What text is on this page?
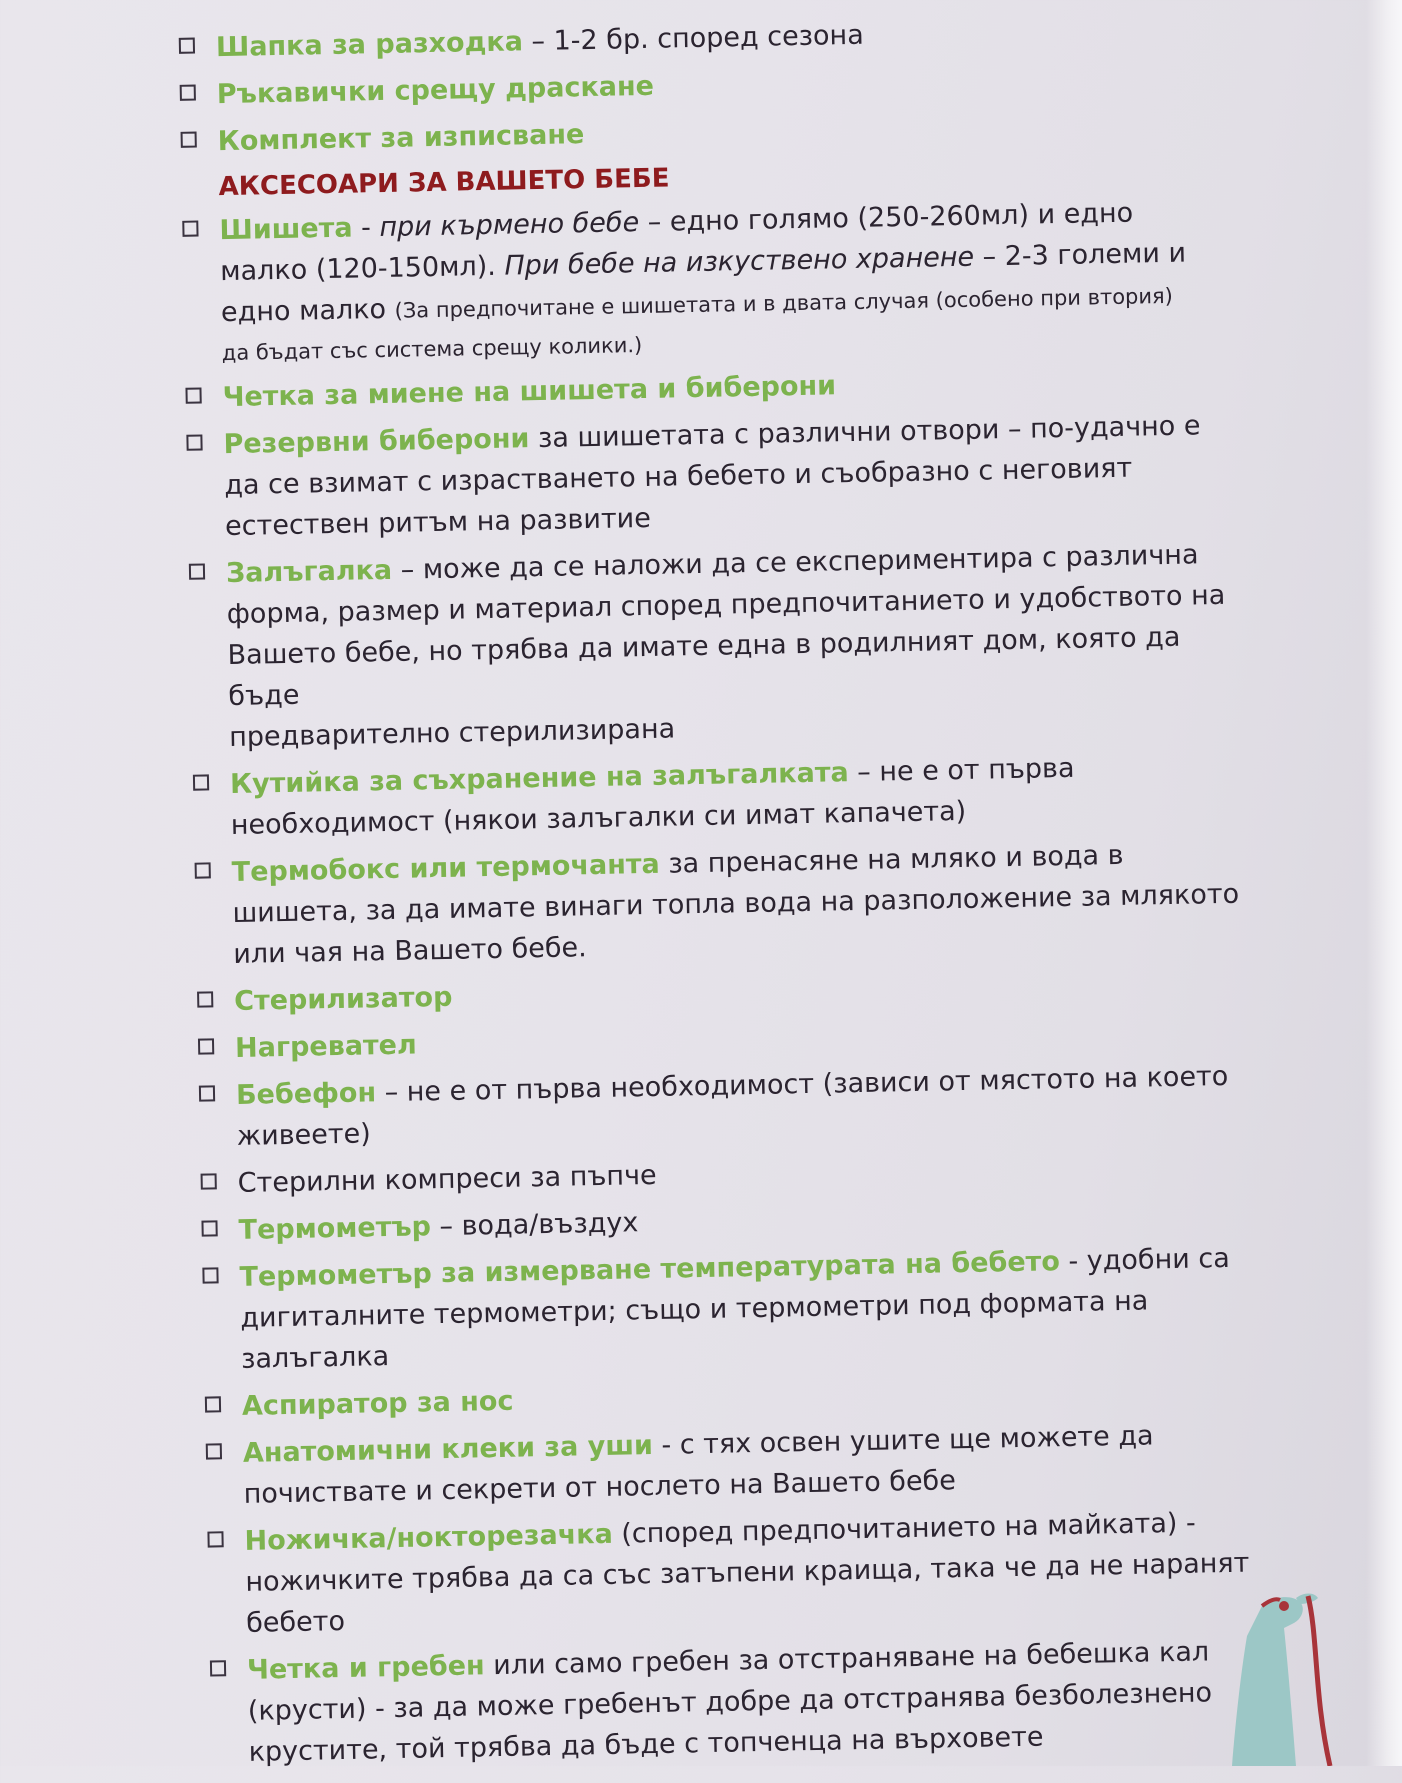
Шапка за разходка – 1-2 бр. според сезона
Ръкавички срещу драскане
Комплект за изписване
АКСЕСОАРИ ЗА ВАШЕТО БЕБЕ
Шишета - при кърмено бебе – едно голямо (250-260мл) и едно
малко (120-150мл). При бебе на изкуствено хранене – 2-3 големи и
едно малко (За предпочитане е шишетата и в двата случая (особено при втория)
да бъдат със система срещу колики.)
Четка за миене на шишета и биберони
Резервни биберони за шишетата с различни отвори – по-удачно е
да се взимат с израстването на бебето и съобразно с неговият
естествен ритъм на развитие
Залъгалка – може да се наложи да се експериментира с различна
форма, размер и материал според предпочитанието и удобството на
Вашето бебе, но трябва да имате една в родилният дом, която да бъде
предварително стерилизирана
Кутийка за съхранение на залъгалката – не е от първа
необходимост (някои залъгалки си имат капачета)
Термобокс или термочанта за пренасяне на мляко и вода в
шишета, за да имате винаги топла вода на разположение за млякото
или чая на Вашето бебе.
Стерилизатор
Нагревател
Бебефон – не е от първа необходимост (зависи от мястото на което
живеете)
Стерилни компреси за пъпче
Термометър – вода/въздух
Термометър за измерване температурата на бебето - удобни са
дигиталните термометри; също и термометри под формата на
залъгалка
Аспиратор за нос
Анатомични клеки за уши - с тях освен ушите ще можете да
почиствате и секрети от нослето на Вашето бебе
Ножичка/нокторезачка (според предпочитанието на майката) -
ножичките трябва да са със затъпени краища, така че да не наранят
бебето
Четка и гребен или само гребен за отстраняване на бебешка кал
(крусти) - за да може гребенът добре да отстранява безболезнено
крустите, той трябва да бъде с топченца на върховете
